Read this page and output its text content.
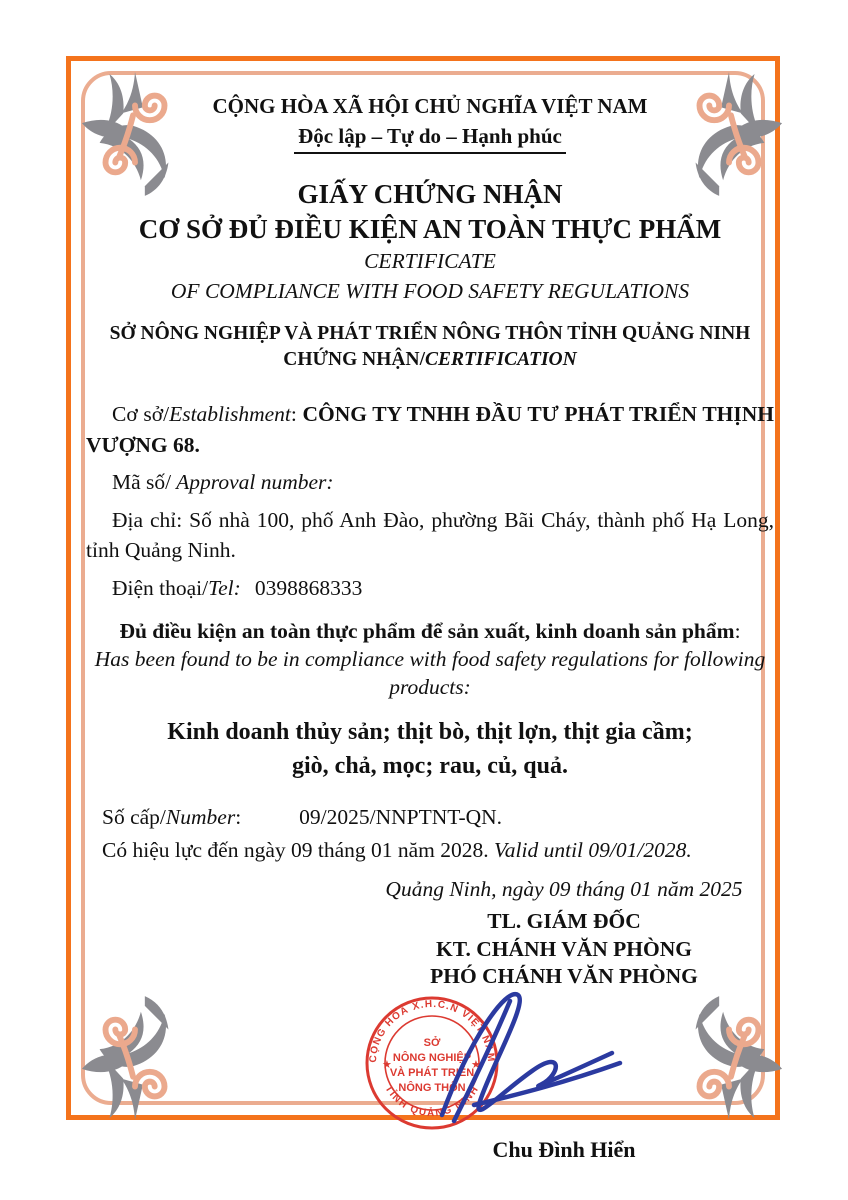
CỘNG HÒA XÃ HỘI CHỦ NGHĨA VIỆT NAM

Độc lập – Tự do – Hạnh phúc

GIẤY CHỨNG NHẬN

CƠ SỞ ĐỦ ĐIỀU KIỆN AN TOÀN THỰC PHẨM

CERTIFICATE

OF COMPLIANCE WITH FOOD SAFETY REGULATIONS

SỞ NÔNG NGHIỆP VÀ PHÁT TRIỂN NÔNG THÔN TỈNH QUẢNG NINH

CHỨNG NHẬN/CERTIFICATION

Cơ sở/Establishment: CÔNG TY TNHH ĐẦU TƯ PHÁT TRIỂN THỊNH VƯỢNG 68.

Mã số/ Approval number:

Địa chỉ: Số nhà 100, phố Anh Đào, phường Bãi Cháy, thành phố Hạ Long, tỉnh Quảng Ninh.

Điện thoại/Tel: 0398868333

Đủ điều kiện an toàn thực phẩm để sản xuất, kinh doanh sản phẩm:

Has been found to be in compliance with food safety regulations for following products:

Kinh doanh thủy sản; thịt bò, thịt lợn, thịt gia cầm;
giò, chả, mọc; rau, củ, quả.

Số cấp/Number:	09/2025/NNPTNT-QN.

Có hiệu lực đến ngày 09 tháng 01 năm 2028. Valid until 09/01/2028.

Quảng Ninh, ngày 09 tháng 01 năm 2025

TL. GIÁM ĐỐC

KT. CHÁNH VĂN PHÒNG

PHÓ CHÁNH VĂN PHÒNG

CỘNG HOÀ X.H.C.N VIỆT NAM
TỈNH QUẢNG NINH
★	★
SỞ
NÔNG NGHIỆP
VÀ PHÁT TRIỂN
NÔNG THÔN

Chu Đình Hiển
